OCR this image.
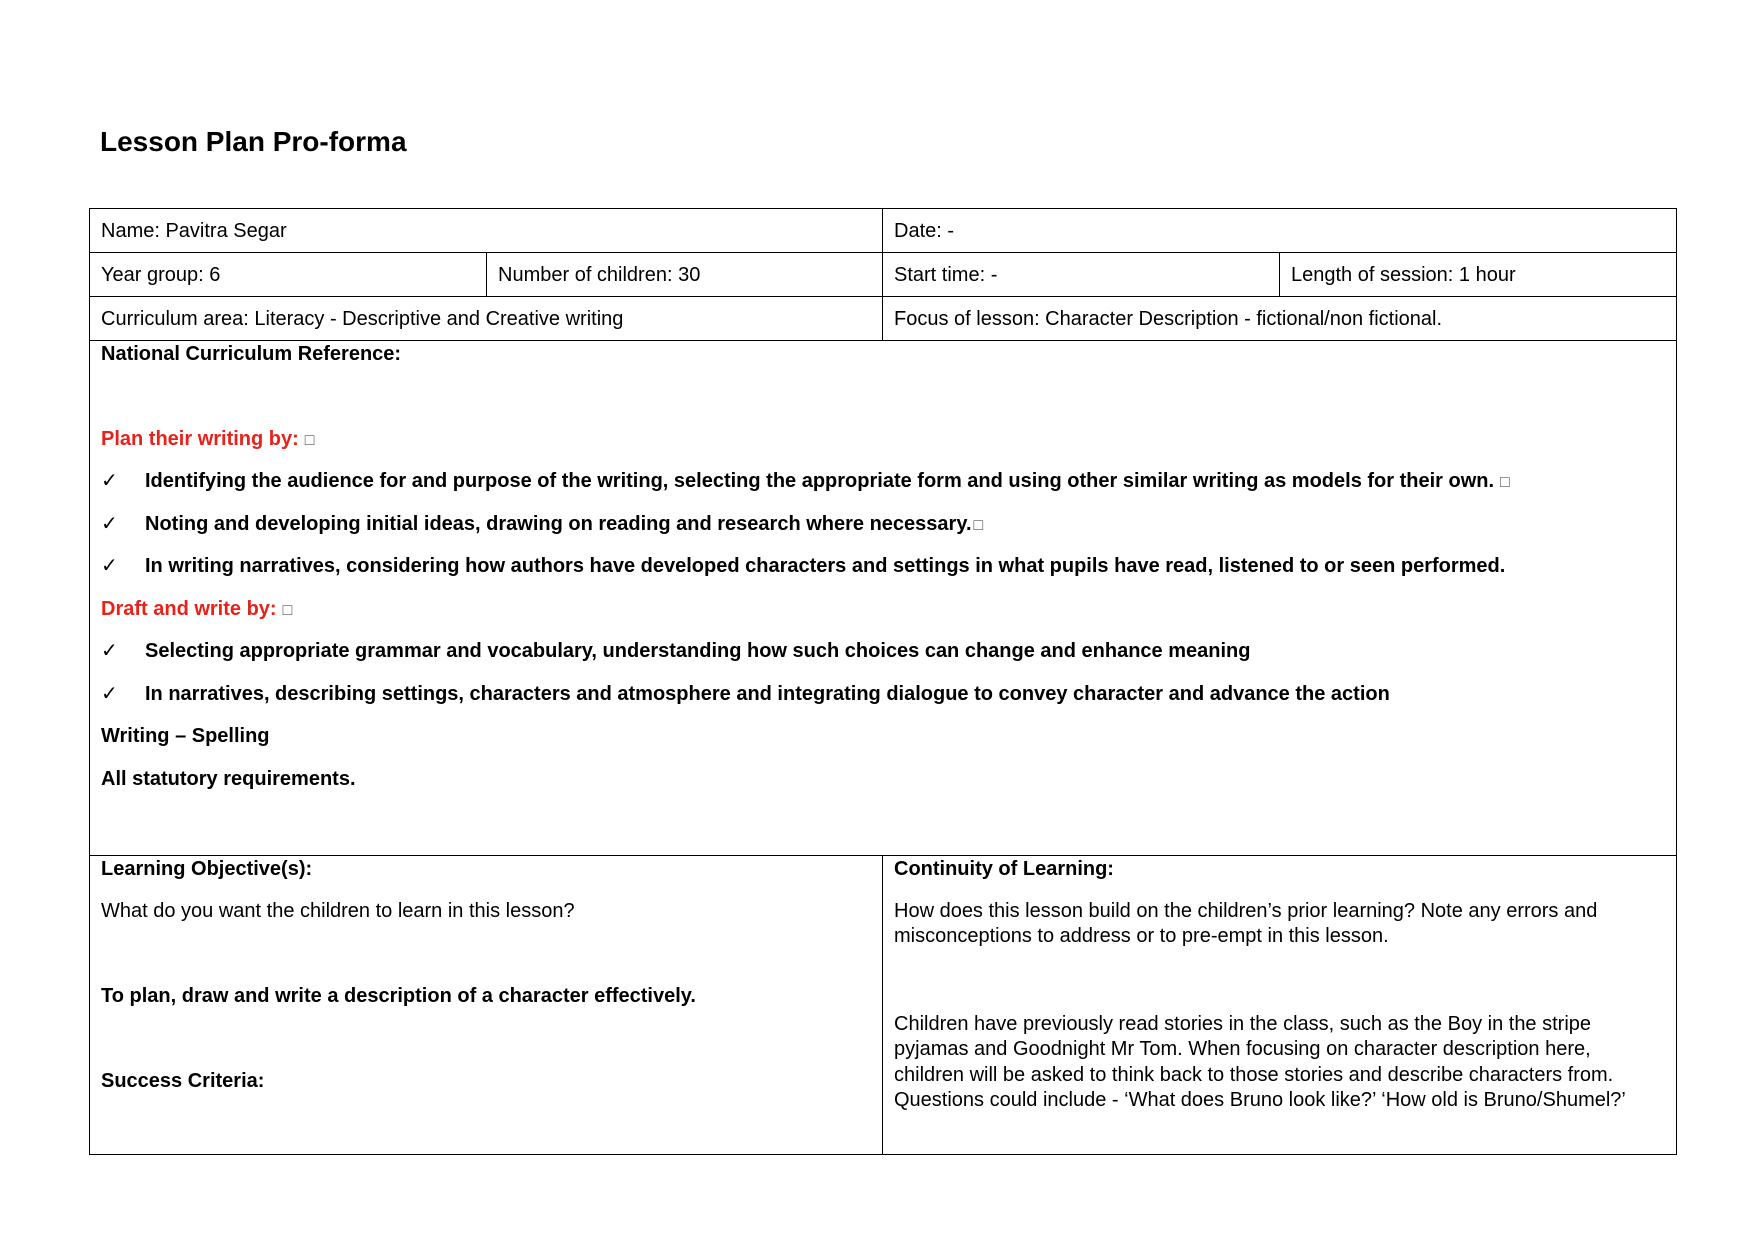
Lesson Plan Pro-forma

Name: Pavitra Segar	Date: -

Year group: 6	Number of children: 30	Start time: -	Length of session: 1 hour

Curriculum area: Literacy - Descriptive and Creative writing	Focus of lesson: Character Description - fictional/non fictional.

National Curriculum Reference:
Plan their writing by: □
✓ Identifying the audience for and purpose of the writing, selecting the appropriate form and using other similar writing as models for their own. □
✓ Noting and developing initial ideas, drawing on reading and research where necessary. □
✓ In writing narratives, considering how authors have developed characters and settings in what pupils have read, listened to or seen performed.
Draft and write by: □
✓ Selecting appropriate grammar and vocabulary, understanding how such choices can change and enhance meaning
✓ In narratives, describing settings, characters and atmosphere and integrating dialogue to convey character and advance the action
Writing – Spelling
All statutory requirements.
Learning Objective(s):
What do you want the children to learn in this lesson?
To plan, draw and write a description of a character effectively.
Success Criteria:
Continuity of Learning:
How does this lesson build on the children’s prior learning? Note any errors and
misconceptions to address or to pre-empt in this lesson.
Children have previously read stories in the class, such as the Boy in the stripe
pyjamas and Goodnight Mr Tom. When focusing on character description here,
children will be asked to think back to those stories and describe characters from.
Questions could include - ‘What does Bruno look like?’ ‘How old is Bruno/Shumel?’
